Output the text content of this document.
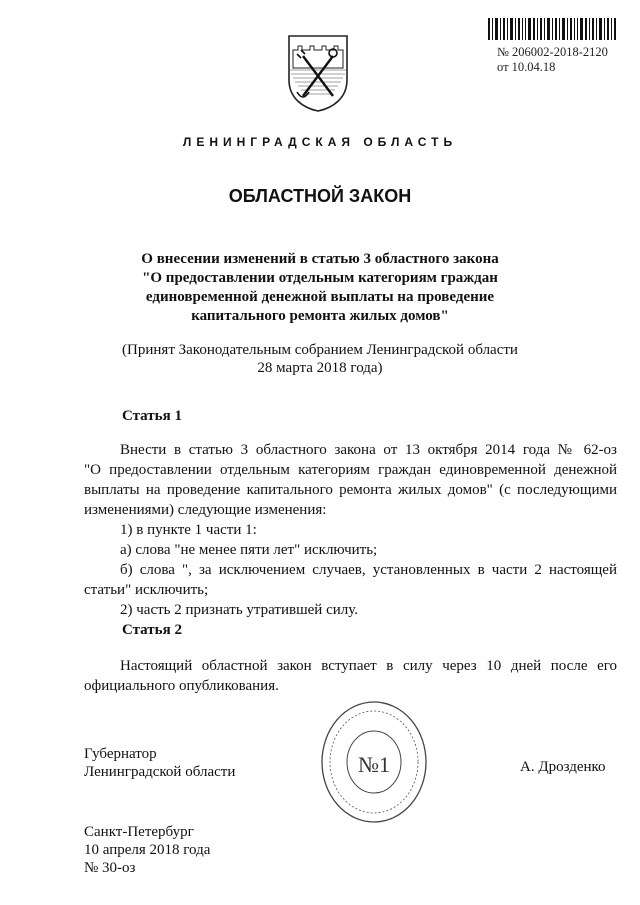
№ 206002-2018-2120
от 10.04.18
ЛЕНИНГРАДСКАЯ ОБЛАСТЬ
ОБЛАСТНОЙ ЗАКОН
О внесении изменений в статью 3 областного закона
"О предоставлении отдельным категориям граждан
единовременной денежной выплаты на проведение
капитального ремонта жилых домов"
(Принят Законодательным собранием Ленинградской области
28 марта 2018 года)
Статья 1
Внести в статью 3 областного закона от 13 октября 2014 года № 62-оз
"О предоставлении отдельным категориям граждан единовременной денежной
выплаты на проведение капитального ремонта жилых домов" (с последующими
изменениями) следующие изменения:
1) в пункте 1 части 1:
а) слова "не менее пяти лет" исключить;
б) слова ", за исключением случаев, установленных в части 2 настоящей
статьи" исключить;
2) часть 2 признать утратившей силу.
Статья 2
Настоящий областной закон вступает в силу через 10 дней после его
официального опубликования.
Губернатор
Ленинградской области	№1	А. Дрозденко
Санкт-Петербург
10 апреля 2018 года
№ 30-оз
